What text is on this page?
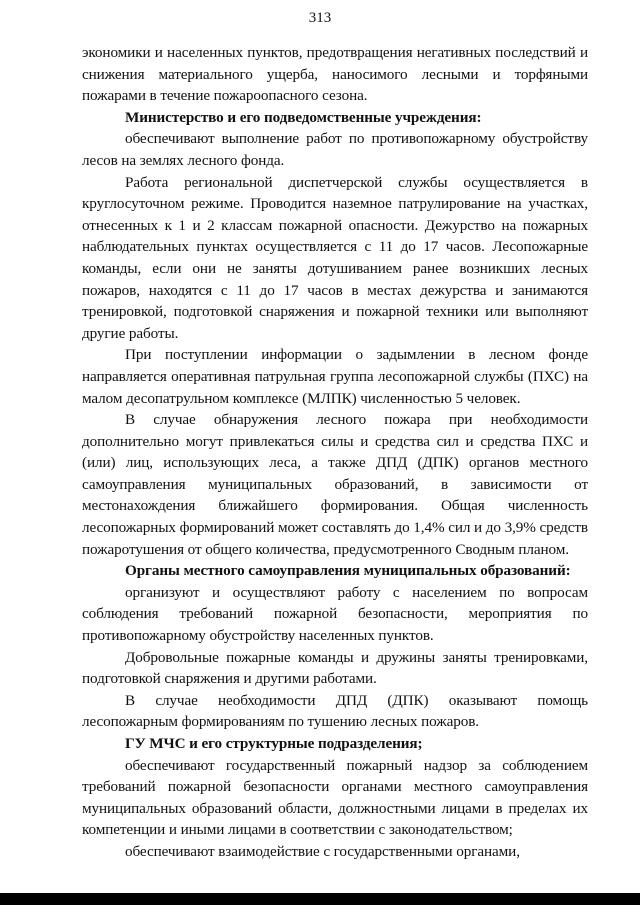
313

экономики и населенных пунктов, предотвращения негативных последствий и снижения материального ущерба, наносимого лесными и торфяными пожарами в течение пожароопасного сезона.

Министерство и его подведомственные учреждения:

обеспечивают выполнение работ по противопожарному обустройству лесов на землях лесного фонда.

Работа региональной диспетчерской службы осуществляется в круглосуточном режиме. Проводится наземное патрулирование на участках, отнесенных к 1 и 2 классам пожарной опасности. Дежурство на пожарных наблюдательных пунктах осуществляется с 11 до 17 часов. Лесопожарные команды, если они не заняты дотушиванием ранее возникших лесных пожаров, находятся с 11 до 17 часов в местах дежурства и занимаются тренировкой, подготовкой снаряжения и пожарной техники или выполняют другие работы.

При поступлении информации о задымлении в лесном фонде направляется оперативная патрульная группа лесопожарной службы (ПХС) на малом десопатрульном комплексе (МЛПК) численностью 5 человек.

В случае обнаружения лесного пожара при необходимости дополнительно могут привлекаться силы и средства сил и средства ПХС и (или) лиц, использующих леса, а также ДПД (ДПК) органов местного самоуправления муниципальных образований, в зависимости от местонахождения ближайшего формирования. Общая численность лесопожарных формирований может составлять до 1,4% сил и до 3,9% средств пожаротушения от общего количества, предусмотренного Сводным планом.

Органы местного самоуправления муниципальных образований:

организуют и осуществляют работу с населением по вопросам соблюдения требований пожарной безопасности, мероприятия по противопожарному обустройству населенных пунктов.

Добровольные пожарные команды и дружины заняты тренировками, подготовкой снаряжения и другими работами.

В случае необходимости ДПД (ДПК) оказывают помощь лесопожарным формированиям по тушению лесных пожаров.

ГУ МЧС и его структурные подразделения;

обеспечивают государственный пожарный надзор за соблюдением требований пожарной безопасности органами местного самоуправления муниципальных образований области, должностными лицами в пределах их компетенции и иными лицами в соответствии с законодательством;

обеспечивают взаимодействие с государственными органами,
